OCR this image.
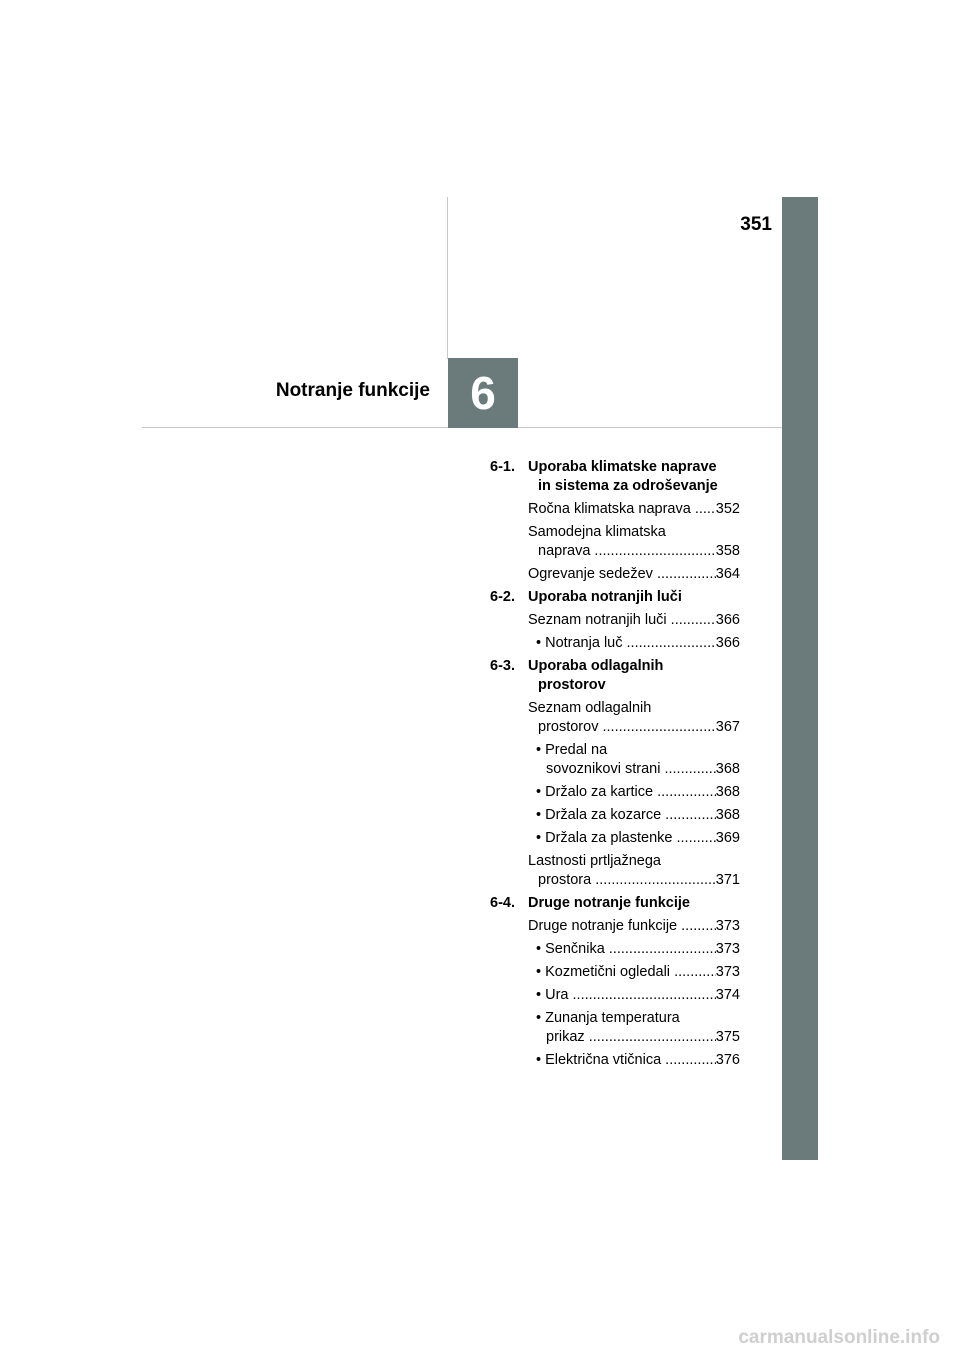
351
Notranje funkcije 6
6-1. Uporaba klimatske naprave
in sistema za odroševanje
Ročna klimatska naprava .....	352
Samodejna klimatska
naprava .....	358
Ogrevanje sedežev .....	364
6-2. Uporaba notranjih luči
Seznam notranjih luči .....	366
• Notranja luč .....	366
6-3. Uporaba odlagalnih
prostorov
Seznam odlagalnih
prostorov .....	367
• Predal na
sovoznikovi strani .....	368
• Držalo za kartice .....	368
• Držala za kozarce .....	368
• Držala za plastenke .....	369
Lastnosti prtljažnega
prostora .....	371
6-4. Druge notranje funkcije
Druge notranje funkcije .....	373
• Senčnika .....	373
• Kozmetični ogledali .....	373
• Ura .....	374
• Zunanja temperatura
prikaz .....	375
• Električna vtičnica .....	376
carmanualsonline.info
